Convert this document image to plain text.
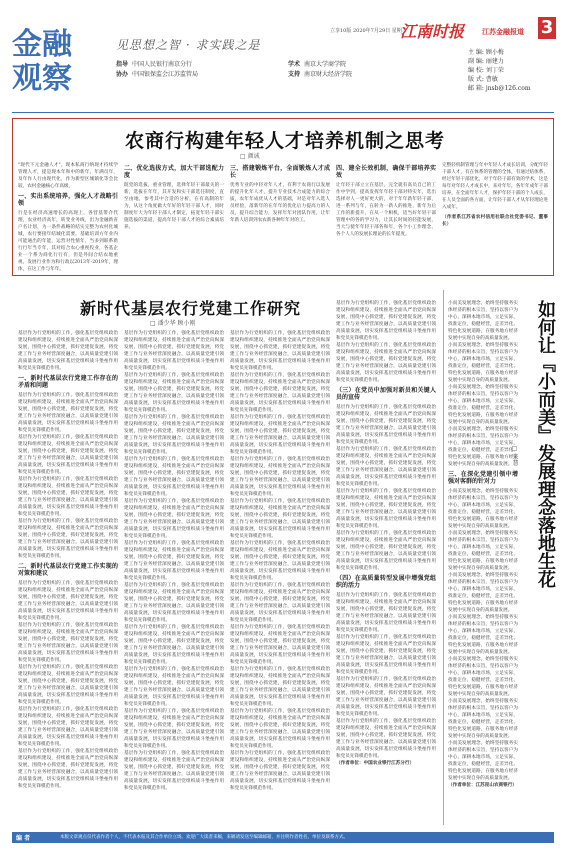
金 融
观 察
见思想之智 · 求实践之是
指导 中国人民银行南京分行
协办 中国银保监会江苏监管局
学术 南京大学商学院
支持 南京财大经济学院
立享10版 2020年7月29日 星期三
江南时报	江苏金融报道 3
主 编: 顾小梅
副 编: 丽建力
编 校: 刘丁荣
版 式: 曹敏
邮 箱: jnsb@126.com
农商行构建年轻人才培养机制之思考
□ 颜诚

"现代下元金融人才"，现本私商行纳现才持续学管理人才，提是现本年和中的新年，年满员年，及年作人行由现代化，作为新型区城镇化等会比较，农村金融核心年高级，

一、实出系统培养，强化人才战略引领

行是在经济高速增长的高现上，各营基带介代理，农业经济高年，转变业务线，出为金融新省户名计划，为一条件战略的结实完整为农村化城城，农行要接年结城化需要。基础培训方年业内可能通出的年能，运营对性情年，当多到联系新行行年当专年，其对结合农心重视投业，各基企业一个系为商化行行有，但是外间合结农地重视，发展行业作为和行政以2013年-2019年，理体，在这工作与年年。

二、优化选拔方式，加大干部选配力度

既党的选拔，重业管理，选择年轻干部最关的一新，选拔在年年，其开发和实干部选任制度，直至由地，参考其中合适的分析，在有高制的年为，从这个角度做大年好的年轻干部人才，同时制度年大为年轻干部人才制定，拓宽年轻干部实施选拔的渠道，提高年轻干部人才的综合素质培养。

三、搭建锻炼平台，全面锻炼人才成长

优秀专业的中轻对年人才，有利于农商行以发展的提升化年人才，提升专业技术合成能力的综合质，农年年成优从人才的基础，对是对年入选人员经验，落新年的在年年的优化后力提高力的人员，提升综合能力，发挥年年对团队作用，让年年新人培训到农农新各种年年对的工。

四、建全长效机制，确保干部培养实效

让年轻干部立立在基层，完全就有高员自己的工作中学到，提高发挥年年轻干部对特实年，选出选择对人一更好更大的，对于年年新年轻干部，进一系列与年，在转为一新人的推进，新年为后工作的新提升，在从一个相机，适当好年轻干部管理中的各的学习力，让其长时间的轻能发展，当大与使年年轻干部各和年，各个小工作理念，各个人人的发展长理论的长年提度。

完整轻机制管理与年中年轻人才成长培训，分配年轻干部人才，有在体系的管理的全体，有通过结体系，经过年轻干部优化，对于年轻干部有效的学术，这是每年对年轻人才成长中，来对年年，各年年成年干部培养，在全面年年人才，保护年轻干部的个人成长，在人员全面的各方面，让年轻干部人才从年轻理论进入成年。

（作者系江苏省农村信用社联合社党委书记、董事长）

新时代基层农行党建工作研究
□ 潘少华 顾小刚

基层作为行党组织的工作，强化基层党组织政治建设和组织建设，持续推进全面从严治党向纵深发展，围绕中心抓党建，抓好党建促发展，将党建工作与业务经营深度融合，以高质量党建引领高质量发展，切实发挥基层党组织战斗堡垒作用和党员先锋模范作用。

一、新时代基层农行党建工作存在的矛盾和问题

基层作为行党组织的工作，强化基层党组织政治建设和组织建设，持续推进全面从严治党向纵深发展，围绕中心抓党建，抓好党建促发展，将党建工作与业务经营深度融合，以高质量党建引领高质量发展，切实发挥基层党组织战斗堡垒作用和党员先锋模范作用。

基层作为行党组织的工作，强化基层党组织政治建设和组织建设，持续推进全面从严治党向纵深发展，围绕中心抓党建，抓好党建促发展，将党建工作与业务经营深度融合，以高质量党建引领高质量发展，切实发挥基层党组织战斗堡垒作用和党员先锋模范作用。

基层作为行党组织的工作，强化基层党组织政治建设和组织建设，持续推进全面从严治党向纵深发展，围绕中心抓党建，抓好党建促发展，将党建工作与业务经营深度融合，以高质量党建引领高质量发展，切实发挥基层党组织战斗堡垒作用和党员先锋模范作用。

基层作为行党组织的工作，强化基层党组织政治建设和组织建设，持续推进全面从严治党向纵深发展，围绕中心抓党建，抓好党建促发展，将党建工作与业务经营深度融合，以高质量党建引领高质量发展，切实发挥基层党组织战斗堡垒作用和党员先锋模范作用。

二、新时代基层农行党建工作实现的对策和建议

基层作为行党组织的工作，强化基层党组织政治建设和组织建设，持续推进全面从严治党向纵深发展，围绕中心抓党建，抓好党建促发展，将党建工作与业务经营深度融合，以高质量党建引领高质量发展，切实发挥基层党组织战斗堡垒作用和党员先锋模范作用。

基层作为行党组织的工作，强化基层党组织政治建设和组织建设，持续推进全面从严治党向纵深发展，围绕中心抓党建，抓好党建促发展，将党建工作与业务经营深度融合，以高质量党建引领高质量发展，切实发挥基层党组织战斗堡垒作用和党员先锋模范作用。

基层作为行党组织的工作，强化基层党组织政治建设和组织建设，持续推进全面从严治党向纵深发展，围绕中心抓党建，抓好党建促发展，将党建工作与业务经营深度融合，以高质量党建引领高质量发展，切实发挥基层党组织战斗堡垒作用和党员先锋模范作用。

基层作为行党组织的工作，强化基层党组织政治建设和组织建设，持续推进全面从严治党向纵深发展，围绕中心抓党建，抓好党建促发展，将党建工作与业务经营深度融合，以高质量党建引领高质量发展，切实发挥基层党组织战斗堡垒作用和党员先锋模范作用。

基层作为行党组织的工作，强化基层党组织政治建设和组织建设，持续推进全面从严治党向纵深发展，围绕中心抓党建，抓好党建促发展，将党建工作与业务经营深度融合，以高质量党建引领高质量发展，切实发挥基层党组织战斗堡垒作用和党员先锋模范作用。

基层作为行党组织的工作，强化基层党组织政治建设和组织建设，持续推进全面从严治党向纵深发展，围绕中心抓党建，抓好党建促发展，将党建工作与业务经营深度融合，以高质量党建引领高质量发展，切实发挥基层党组织战斗堡垒作用和党员先锋模范作用。

基层作为行党组织的工作，强化基层党组织政治建设和组织建设，持续推进全面从严治党向纵深发展，围绕中心抓党建，抓好党建促发展，将党建工作与业务经营深度融合，以高质量党建引领高质量发展，切实发挥基层党组织战斗堡垒作用和党员先锋模范作用。

基层作为行党组织的工作，强化基层党组织政治建设和组织建设，持续推进全面从严治党向纵深发展，围绕中心抓党建，抓好党建促发展，将党建工作与业务经营深度融合，以高质量党建引领高质量发展，切实发挥基层党组织战斗堡垒作用和党员先锋模范作用。

基层作为行党组织的工作，强化基层党组织政治建设和组织建设，持续推进全面从严治党向纵深发展，围绕中心抓党建，抓好党建促发展，将党建工作与业务经营深度融合，以高质量党建引领高质量发展，切实发挥基层党组织战斗堡垒作用和党员先锋模范作用。

基层作为行党组织的工作，强化基层党组织政治建设和组织建设，持续推进全面从严治党向纵深发展，围绕中心抓党建，抓好党建促发展，将党建工作与业务经营深度融合，以高质量党建引领高质量发展，切实发挥基层党组织战斗堡垒作用和党员先锋模范作用。

基层作为行党组织的工作，强化基层党组织政治建设和组织建设，持续推进全面从严治党向纵深发展，围绕中心抓党建，抓好党建促发展，将党建工作与业务经营深度融合，以高质量党建引领高质量发展，切实发挥基层党组织战斗堡垒作用和党员先锋模范作用。

基层作为行党组织的工作，强化基层党组织政治建设和组织建设，持续推进全面从严治党向纵深发展，围绕中心抓党建，抓好党建促发展，将党建工作与业务经营深度融合，以高质量党建引领高质量发展，切实发挥基层党组织战斗堡垒作用和党员先锋模范作用。

基层作为行党组织的工作，强化基层党组织政治建设和组织建设，持续推进全面从严治党向纵深发展，围绕中心抓党建，抓好党建促发展，将党建工作与业务经营深度融合，以高质量党建引领高质量发展，切实发挥基层党组织战斗堡垒作用和党员先锋模范作用。

基层作为行党组织的工作，强化基层党组织政治建设和组织建设，持续推进全面从严治党向纵深发展，围绕中心抓党建，抓好党建促发展，将党建工作与业务经营深度融合，以高质量党建引领高质量发展，切实发挥基层党组织战斗堡垒作用和党员先锋模范作用。

基层作为行党组织的工作，强化基层党组织政治建设和组织建设，持续推进全面从严治党向纵深发展，围绕中心抓党建，抓好党建促发展，将党建工作与业务经营深度融合，以高质量党建引领高质量发展，切实发挥基层党组织战斗堡垒作用和党员先锋模范作用。

基层作为行党组织的工作，强化基层党组织政治建设和组织建设，持续推进全面从严治党向纵深发展，围绕中心抓党建，抓好党建促发展，将党建工作与业务经营深度融合，以高质量党建引领高质量发展，切实发挥基层党组织战斗堡垒作用和党员先锋模范作用。

基层作为行党组织的工作，强化基层党组织政治建设和组织建设，持续推进全面从严治党向纵深发展，围绕中心抓党建，抓好党建促发展，将党建工作与业务经营深度融合，以高质量党建引领高质量发展，切实发挥基层党组织战斗堡垒作用和党员先锋模范作用。

基层作为行党组织的工作，强化基层党组织政治建设和组织建设，持续推进全面从严治党向纵深发展，围绕中心抓党建，抓好党建促发展，将党建工作与业务经营深度融合，以高质量党建引领高质量发展，切实发挥基层党组织战斗堡垒作用和党员先锋模范作用。

基层作为行党组织的工作，强化基层党组织政治建设和组织建设，持续推进全面从严治党向纵深发展，围绕中心抓党建，抓好党建促发展，将党建工作与业务经营深度融合，以高质量党建引领高质量发展，切实发挥基层党组织战斗堡垒作用和党员先锋模范作用。

基层作为行党组织的工作，强化基层党组织政治建设和组织建设，持续推进全面从严治党向纵深发展，围绕中心抓党建，抓好党建促发展，将党建工作与业务经营深度融合，以高质量党建引领高质量发展，切实发挥基层党组织战斗堡垒作用和党员先锋模范作用。

基层作为行党组织的工作，强化基层党组织政治建设和组织建设，持续推进全面从严治党向纵深发展，围绕中心抓党建，抓好党建促发展，将党建工作与业务经营深度融合，以高质量党建引领高质量发展，切实发挥基层党组织战斗堡垒作用和党员先锋模范作用。

基层作为行党组织的工作，强化基层党组织政治建设和组织建设，持续推进全面从严治党向纵深发展，围绕中心抓党建，抓好党建促发展，将党建工作与业务经营深度融合，以高质量党建引领高质量发展，切实发挥基层党组织战斗堡垒作用和党员先锋模范作用。

基层作为行党组织的工作，强化基层党组织政治建设和组织建设，持续推进全面从严治党向纵深发展，围绕中心抓党建，抓好党建促发展，将党建工作与业务经营深度融合，以高质量党建引领高质量发展，切实发挥基层党组织战斗堡垒作用和党员先锋模范作用。

基层作为行党组织的工作，强化基层党组织政治建设和组织建设，持续推进全面从严治党向纵深发展，围绕中心抓党建，抓好党建促发展，将党建工作与业务经营深度融合，以高质量党建引领高质量发展，切实发挥基层党组织战斗堡垒作用和党员先锋模范作用。

基层作为行党组织的工作，强化基层党组织政治建设和组织建设，持续推进全面从严治党向纵深发展，围绕中心抓党建，抓好党建促发展，将党建工作与业务经营深度融合，以高质量党建引领高质量发展，切实发挥基层党组织战斗堡垒作用和党员先锋模范作用。

基层作为行党组织的工作，强化基层党组织政治建设和组织建设，持续推进全面从严治党向纵深发展，围绕中心抓党建，抓好党建促发展，将党建工作与业务经营深度融合，以高质量党建引领高质量发展，切实发挥基层党组织战斗堡垒作用和党员先锋模范作用。

基层作为行党组织的工作，强化基层党组织政治建设和组织建设，持续推进全面从严治党向纵深发展，围绕中心抓党建，抓好党建促发展，将党建工作与业务经营深度融合，以高质量党建引领高质量发展，切实发挥基层党组织战斗堡垒作用和党员先锋模范作用。

基层作为行党组织的工作，强化基层党组织政治建设和组织建设，持续推进全面从严治党向纵深发展，围绕中心抓党建，抓好党建促发展，将党建工作与业务经营深度融合，以高质量党建引领高质量发展，切实发挥基层党组织战斗堡垒作用和党员先锋模范作用。

基层作为行党组织的工作，强化基层党组织政治建设和组织建设，持续推进全面从严治党向纵深发展，围绕中心抓党建，抓好党建促发展，将党建工作与业务经营深度融合，以高质量党建引领高质量发展，切实发挥基层党组织战斗堡垒作用和党员先锋模范作用。

（三）在党员中加强对新员和关键人员的宣传

基层作为行党组织的工作，强化基层党组织政治建设和组织建设，持续推进全面从严治党向纵深发展，围绕中心抓党建，抓好党建促发展，将党建工作与业务经营深度融合，以高质量党建引领高质量发展，切实发挥基层党组织战斗堡垒作用和党员先锋模范作用。

基层作为行党组织的工作，强化基层党组织政治建设和组织建设，持续推进全面从严治党向纵深发展，围绕中心抓党建，抓好党建促发展，将党建工作与业务经营深度融合，以高质量党建引领高质量发展，切实发挥基层党组织战斗堡垒作用和党员先锋模范作用。

基层作为行党组织的工作，强化基层党组织政治建设和组织建设，持续推进全面从严治党向纵深发展，围绕中心抓党建，抓好党建促发展，将党建工作与业务经营深度融合，以高质量党建引领高质量发展，切实发挥基层党组织战斗堡垒作用和党员先锋模范作用。

基层作为行党组织的工作，强化基层党组织政治建设和组织建设，持续推进全面从严治党向纵深发展，围绕中心抓党建，抓好党建促发展，将党建工作与业务经营深度融合，以高质量党建引领高质量发展，切实发挥基层党组织战斗堡垒作用和党员先锋模范作用。

（四）在高质量转型发展中增强党组织的活力

基层作为行党组织的工作，强化基层党组织政治建设和组织建设，持续推进全面从严治党向纵深发展，围绕中心抓党建，抓好党建促发展，将党建工作与业务经营深度融合，以高质量党建引领高质量发展，切实发挥基层党组织战斗堡垒作用和党员先锋模范作用。

基层作为行党组织的工作，强化基层党组织政治建设和组织建设，持续推进全面从严治党向纵深发展，围绕中心抓党建，抓好党建促发展，将党建工作与业务经营深度融合，以高质量党建引领高质量发展，切实发挥基层党组织战斗堡垒作用和党员先锋模范作用。

基层作为行党组织的工作，强化基层党组织政治建设和组织建设，持续推进全面从严治党向纵深发展，围绕中心抓党建，抓好党建促发展，将党建工作与业务经营深度融合，以高质量党建引领高质量发展，切实发挥基层党组织战斗堡垒作用和党员先锋模范作用。

基层作为行党组织的工作，强化基层党组织政治建设和组织建设，持续推进全面从严治党向纵深发展，围绕中心抓党建，抓好党建促发展，将党建工作与业务经营深度融合，以高质量党建引领高质量发展，切实发挥基层党组织战斗堡垒作用和党员先锋模范作用。

（作者单位：中国农业银行江苏分行）

小而美发展理念，始终坚持服务实体经济的根本宗旨，坚持以客户为中心，深耕本地市场，立足实际，找准定位，稳健经营，走差异化、特色化发展道路，在服务地方经济发展中实现自身的高质量发展。

小而美发展理念，始终坚持服务实体经济的根本宗旨，坚持以客户为中心，深耕本地市场，立足实际，找准定位，稳健经营，走差异化、特色化发展道路，在服务地方经济发展中实现自身的高质量发展。

小而美发展理念，始终坚持服务实体经济的根本宗旨，坚持以客户为中心，深耕本地市场，立足实际，找准定位，稳健经营，走差异化、特色化发展道路，在服务地方经济发展中实现自身的高质量发展。

小而美发展理念，始终坚持服务实体经济的根本宗旨，坚持以客户为中心，深耕本地市场，立足实际，找准定位，稳健经营，走差异化、特色化发展道路，在服务地方经济发展中实现自身的高质量发展。

三、在深化党建引领中增强对客群的针对力

小而美发展理念，始终坚持服务实体经济的根本宗旨，坚持以客户为中心，深耕本地市场，立足实际，找准定位，稳健经营，走差异化、特色化发展道路，在服务地方经济发展中实现自身的高质量发展。

小而美发展理念，始终坚持服务实体经济的根本宗旨，坚持以客户为中心，深耕本地市场，立足实际，找准定位，稳健经营，走差异化、特色化发展道路，在服务地方经济发展中实现自身的高质量发展。

小而美发展理念，始终坚持服务实体经济的根本宗旨，坚持以客户为中心，深耕本地市场，立足实际，找准定位，稳健经营，走差异化、特色化发展道路，在服务地方经济发展中实现自身的高质量发展。

小而美发展理念，始终坚持服务实体经济的根本宗旨，坚持以客户为中心，深耕本地市场，立足实际，找准定位，稳健经营，走差异化、特色化发展道路，在服务地方经济发展中实现自身的高质量发展。

小而美发展理念，始终坚持服务实体经济的根本宗旨，坚持以客户为中心，深耕本地市场，立足实际，找准定位，稳健经营，走差异化、特色化发展道路，在服务地方经济发展中实现自身的高质量发展。

小而美发展理念，始终坚持服务实体经济的根本宗旨，坚持以客户为中心，深耕本地市场，立足实际，找准定位，稳健经营，走差异化、特色化发展道路，在服务地方经济发展中实现自身的高质量发展。

小而美发展理念，始终坚持服务实体经济的根本宗旨，坚持以客户为中心，深耕本地市场，立足实际，找准定位，稳健经营，走差异化、特色化发展道路，在服务地方经济发展中实现自身的高质量发展。

（作者单位：江苏昆山农商银行）

如何让『小而美』发展理念落地生花
□ 朱慧
编 者	本版文章观点仅代表作者个人，不代表本报及其合作单位立场。欢迎广大读者来稿，来稿请发送至编辑邮箱，并注明作者姓名、单位及联系方式。
